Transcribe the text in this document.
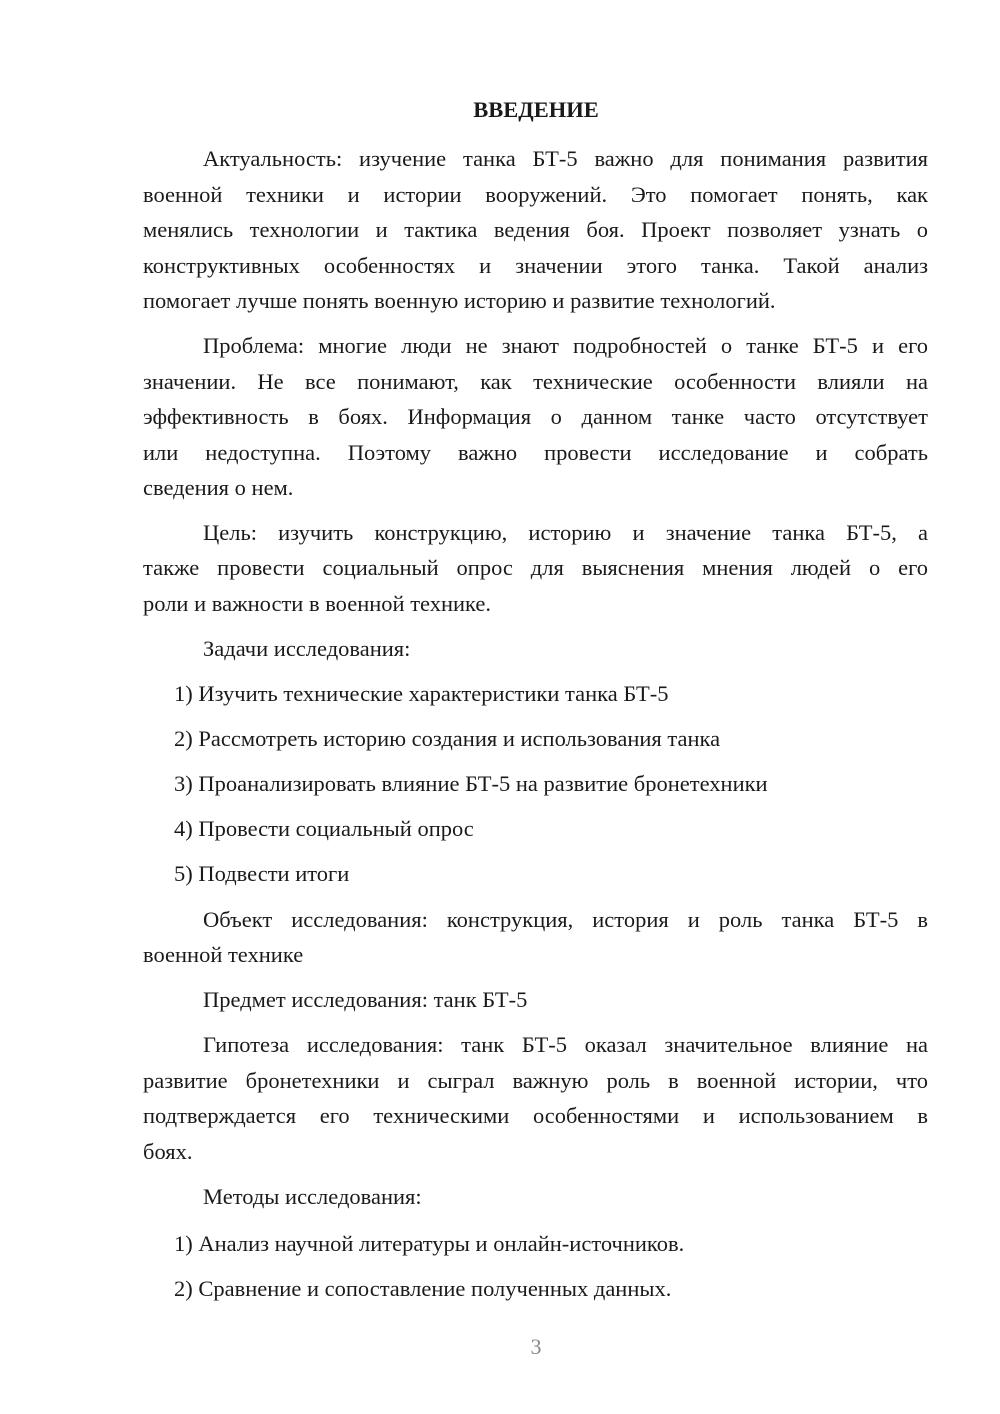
ВВЕДЕНИЕ
Актуальность: изучение танка БТ-5 важно для понимания развития
военной техники и истории вооружений. Это помогает понять, как
менялись технологии и тактика ведения боя. Проект позволяет узнать о
конструктивных особенностях и значении этого танка. Такой анализ
помогает лучше понять военную историю и развитие технологий.
Проблема: многие люди не знают подробностей о танке БТ-5 и его
значении. Не все понимают, как технические особенности влияли на
эффективность в боях. Информация о данном танке часто отсутствует
или недоступна. Поэтому важно провести исследование и собрать
сведения о нем.
Цель: изучить конструкцию, историю и значение танка БТ-5, а
также провести социальный опрос для выяснения мнения людей о его
роли и важности в военной технике.
Задачи исследования:
1) Изучить технические характеристики танка БТ-5
2) Рассмотреть историю создания и использования танка
3) Проанализировать влияние БТ-5 на развитие бронетехники
4) Провести социальный опрос
5) Подвести итоги
Объект исследования: конструкция, история и роль танка БТ-5 в
военной технике
Предмет исследования: танк БТ-5
Гипотеза исследования: танк БТ-5 оказал значительное влияние на
развитие бронетехники и сыграл важную роль в военной истории, что
подтверждается его техническими особенностями и использованием в
боях.
Методы исследования:
1) Анализ научной литературы и онлайн-источников.
2) Сравнение и сопоставление полученных данных.
3
